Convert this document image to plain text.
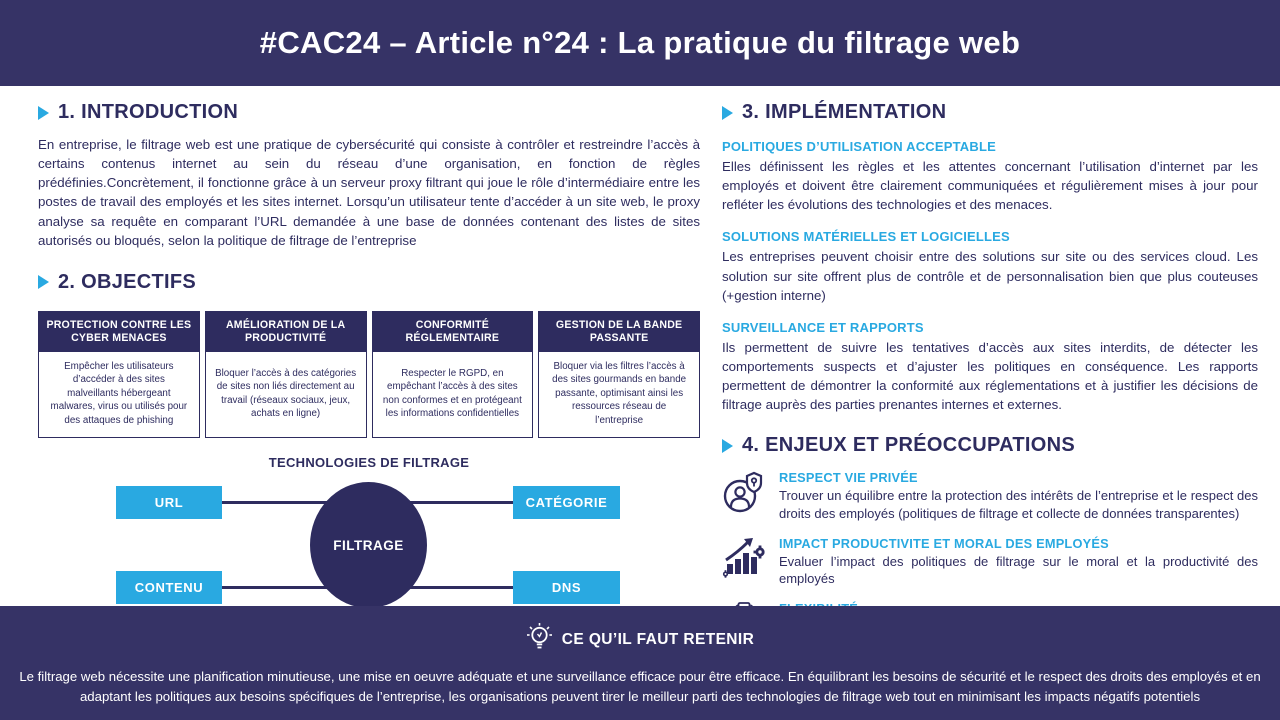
#CAC24 – Article n°24 : La pratique du filtrage web
1. INTRODUCTION
En entreprise, le filtrage web est une pratique de cybersécurité qui consiste à contrôler et restreindre l’accès à certains contenus internet au sein du réseau d’une organisation, en fonction de règles prédéfinies.Concrètement, il fonctionne grâce à un serveur proxy filtrant qui joue le rôle d’intermédiaire entre les postes de travail des employés et les sites internet. Lorsqu’un utilisateur tente d’accéder à un site web, le proxy analyse sa requête en comparant l’URL demandée à une base de données contenant des listes de sites autorisés ou bloqués, selon la politique de filtrage de l’entreprise
2. OBJECTIFS
PROTECTION CONTRE LES CYBER MENACES
Empêcher les utilisateurs d’accéder à des sites malveillants hébergeant malwares, virus ou utilisés pour des attaques de phishing
AMÉLIORATION DE LA PRODUCTIVITÉ
Bloquer l’accès à des catégories de sites non liés directement au travail (réseaux sociaux, jeux, achats en ligne)
CONFORMITÉ RÉGLEMENTAIRE
Respecter le RGPD, en empêchant l’accès à des sites non conformes et en protégeant les informations confidentielles
GESTION DE LA BANDE PASSANTE
Bloquer via les filtres l’accès à des sites gourmands en bande passante, optimisant ainsi les ressources réseau de l’entreprise
TECHNOLOGIES DE FILTRAGE
URL	CATÉGORIE
CONTENU	DNS
FILTRAGE
3. IMPLÉMENTATION
POLITIQUES D’UTILISATION ACCEPTABLE
Elles définissent les règles et les attentes concernant l’utilisation d’internet par les employés et doivent être clairement communiquées et régulièrement mises à jour pour refléter les évolutions des technologies et des menaces.
SOLUTIONS MATÉRIELLES ET LOGICIELLES
Les entreprises peuvent choisir entre des solutions sur site ou des services cloud. Les solution sur site offrent plus de contrôle et de personnalisation bien que plus couteuses (+gestion interne)
SURVEILLANCE ET RAPPORTS
Ils permettent de suivre les tentatives d’accès aux sites interdits, de détecter les comportements suspects et d’ajuster les politiques en conséquence. Les rapports permettent de démontrer la conformité aux réglementations et à justifier les décisions de filtrage auprès des parties prenantes internes et externes.
4. ENJEUX ET PRÉOCCUPATIONS
RESPECT VIE PRIVÉE
Trouver un équilibre entre la protection des intérêts de l’entreprise et le respect des droits des employés (politiques de filtrage et collecte de données transparentes)
IMPACT PRODUCTIVITE ET MORAL DES EMPLOYÉS
Evaluer l’impact des politiques de filtrage sur le moral et la productivité des employés
CE QU’IL FAUT RETENIR
Le filtrage web nécessite une planification minutieuse, une mise en oeuvre adéquate et une surveillance efficace pour être efficace. En équilibrant les besoins de sécurité et le respect des droits des employés et en adaptant les politiques aux besoins spécifiques de l’entreprise, les organisations peuvent tirer le meilleur parti des technologies de filtrage web tout en minimisant les impacts négatifs potentiels
